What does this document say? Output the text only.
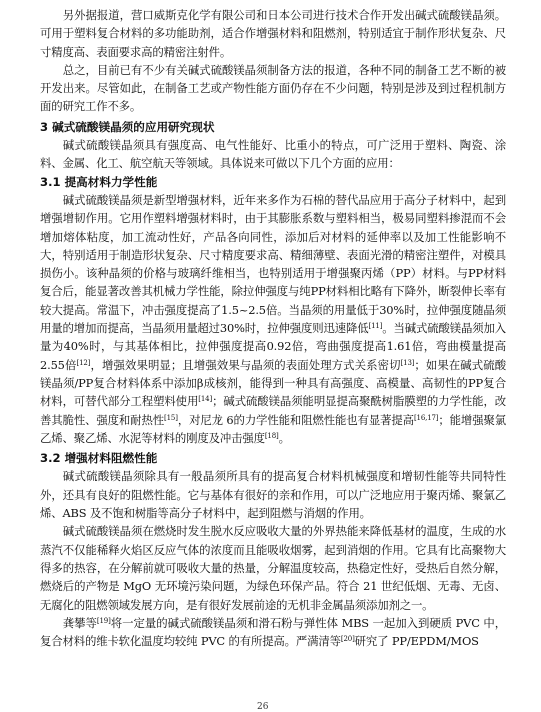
另外据报道，营口威斯克化学有限公司和日本公司进行技术合作开发出碱式硫酸镁晶须。可用于塑料复合材料的多功能助剂，适合作增强材料和阻燃剂，特别适宜于制作形状复杂、尺寸精度高、表面要求高的精密注射件。

总之，目前已有不少有关碱式硫酸镁晶须制备方法的报道，各种不同的制备工艺不断的被开发出来。尽管如此，在制备工艺或产物性能方面仍存在不少问题，特别是涉及到过程机制方面的研究工作不多。

3 碱式硫酸镁晶须的应用研究现状

碱式硫酸镁晶须具有强度高、电气性能好、比重小的特点，可广泛用于塑料、陶瓷、涂料、金属、化工、航空航天等领域。具体说来可做以下几个方面的应用：

3.1 提高材料力学性能

碱式硫酸镁晶须是新型增强材料，近年来多作为石棉的替代品应用于高分子材料中，起到增强增韧作用。它用作塑料增强材料时，由于其膨胀系数与塑料相当，极易同塑料掺混而不会增加熔体粘度，加工流动性好，产品各向同性，添加后对材料的延伸率以及加工性能影响不大，特别适用于制造形状复杂、尺寸精度要求高、精细薄壁、表面光滑的精密注塑件，对模具损伤小。该种晶须的价格与玻璃纤维相当，也特别适用于增强聚丙烯（PP）材料。与PP材料复合后，能显著改善其机械力学性能，除拉伸强度与纯PP材料相比略有下降外，断裂伸长率有较大提高。常温下，冲击强度提高了1.5~2.5倍。当晶须的用量低于30%时，拉伸强度随晶须用量的增加而提高，当晶须用量超过30%时，拉伸强度则迅速降低[11]。当碱式硫酸镁晶须加入量为40%时，与其基体相比，拉伸强度提高0.92倍，弯曲强度提高1.61倍，弯曲模量提高2.55倍[12]，增强效果明显；且增强效果与晶须的表面处理方式关系密切[13]；如果在碱式硫酸镁晶须/PP复合材料体系中添加β成核剂，能得到一种具有高强度、高模量、高韧性的PP复合材料，可替代部分工程塑料使用[14]；碱式硫酸镁晶须能明显提高聚酰树脂膜塑的力学性能，改善其脆性、强度和耐热性[15]，对尼龙 6的力学性能和阻燃性能也有显著提高[16,17]；能增强聚氯乙烯、聚乙烯、水泥等材料的刚度及冲击强度[18]。

3.2 增强材料阻燃性能

碱式硫酸镁晶须除具有一般晶须所具有的提高复合材料机械强度和增韧性能等共同特性外，还具有良好的阻燃性能。它与基体有很好的亲和作用，可以广泛地应用于聚丙烯、聚氯乙烯、ABS 及不饱和树脂等高分子材料中，起到阻燃与消烟的作用。

碱式硫酸镁晶须在燃烧时发生脱水反应吸收大量的外界热能来降低基材的温度，生成的水蒸汽不仅能稀释火焰区反应气体的浓度而且能吸收烟雾，起到消烟的作用。它具有比高聚物大得多的热容，在分解前就可吸收大量的热量，分解温度较高，热稳定性好，受热后自然分解，燃烧后的产物是 MgO 无环境污染问题，为绿色环保产品。符合 21 世纪低烟、无毒、无卤、无腐化的阻燃领域发展方向，是有很好发展前途的无机非金属晶须添加剂之一。

龚攀等[19]将一定量的碱式硫酸镁晶须和滑石粉与弹性体 MBS 一起加入到硬质 PVC 中，复合材料的维卡软化温度均较纯 PVC 的有所提高。严满清等[20]研究了 PP/EPDM/MOS

26
